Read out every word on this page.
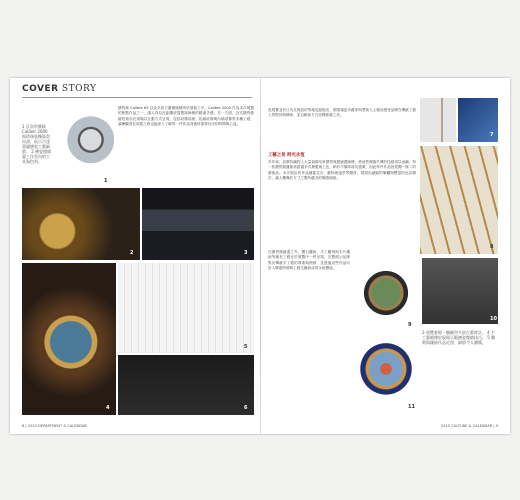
COVER STORY
1 貝殼形懷錶 Caliber 2000 與珍珠裝飾錶殼局部，展示百達翡麗搪瓷工藝細節。 2 搪瓷微繪畫工作室內的工具與色料。
1
搪瓷錶 Calibre 89 以及多款古董懷錶陳列於展館之中，Calibre 2000 作為本次展覽的焦點作品之一，讓人得以近距離欣賞製錶師傅的精湛手藝。另一方面，各式搪瓷微繪技術亦在現場以互動方式呈現，包括琺瑯彩繪、掐絲琺瑯與內填琺瑯等多種工藝，讓參觀者在欣賞之餘也能深入了解每一件作品背後所需要付出的時間與心血。
2	3
4
5
6
8 | 2015 DEPARTMENT & CALENDAR
此展覽並於日內瓦與紐約等地巡迴展出，期望讓更多藏家與愛錶人士親身感受品牌在傳統工藝上的堅持與傳承，並以嶄新方式詮釋錶藝之美。
7
工藝之美 時光永恆
多年來，品牌持續投入大量資源培育搪瓷與微繪畫師傅，使這些瀕臨失傳的技藝得以延續。每一枚搪瓷錶盤都需經過多次燒製與上色，稍有不慎即前功盡棄，因此每件作品皆是獨一無二的藝術品。本次展出的作品涵蓋花卉、動物與風景等題材，展現出細膩的筆觸與豐富的色彩層次，讓人驚嘆於方寸之間所蘊含的無限創意。
8
在搪瓷微繪畫之外，寶石鑲嵌、手工雕刻與木片鑲嵌等稀有工藝亦於展覽中一併呈現，完整展示品牌對於傳統手工藝的尊重與熱情，並透過這些作品向世人傳達時間與工藝交織而成的永恆價值。
9
10
11
3 展覽會場一隅陳列多款古董時計。 4 手工藝師傅於現場示範搪瓷微繪技巧。 5 雕刻與鑲嵌作品近照，細節令人讚嘆。
2015 CULTURE & CALENDAR | 9
